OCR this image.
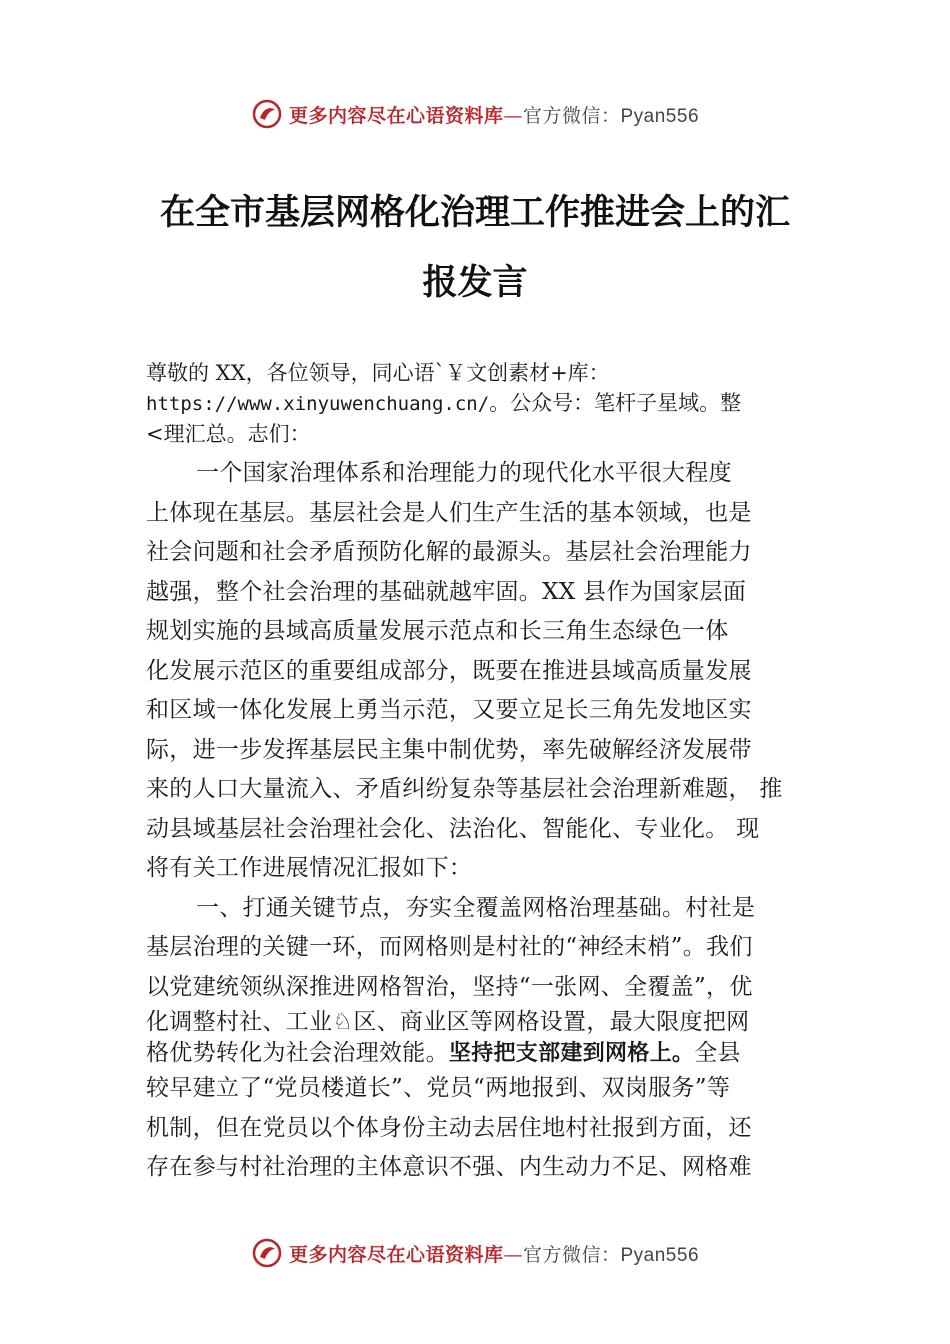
更多内容尽在心语资料库—官方微信：Pyan556
在全市基层网格化治理工作推进会上的汇
报发言
尊敬的 XX，各位领导，同心语`￥文创素材+库：
https://www.xinyuwenchuang.cn/。公众号：笔杆子星域。整
<理汇总。志们：
一个国家治理体系和治理能力的现代化水平很大程度
上体现在基层。基层社会是人们生产生活的基本领域，也是
社会问题和社会矛盾预防化解的最源头。基层社会治理能力
越强，整个社会治理的基础就越牢固。XX 县作为国家层面
规划实施的县域高质量发展示范点和长三角生态绿色一体
化发展示范区的重要组成部分，既要在推进县域高质量发展
和区域一体化发展上勇当示范，又要立足长三角先发地区实
际，进一步发挥基层民主集中制优势，率先破解经济发展带
来的人口大量流入、矛盾纠纷复杂等基层社会治理新难题， 推
动县域基层社会治理社会化、法治化、智能化、专业化。 现
将有关工作进展情况汇报如下：
一、打通关键节点，夯实全覆盖网格治理基础。村社是
基层治理的关键一环，而网格则是村社的“神经末梢”。我们
以党建统领纵深推进网格智治，坚持“一张网、全覆盖”，优
化调整村社、工业♘区、商业区等网格设置，最大限度把网
格优势转化为社会治理效能。坚持把支部建到网格上。全县
较早建立了“党员楼道长”、党员“两地报到、双岗服务”等
机制，但在党员以个体身份主动去居住地村社报到方面，还
存在参与村社治理的主体意识不强、内生动力不足、网格难
更多内容尽在心语资料库—官方微信：Pyan556
